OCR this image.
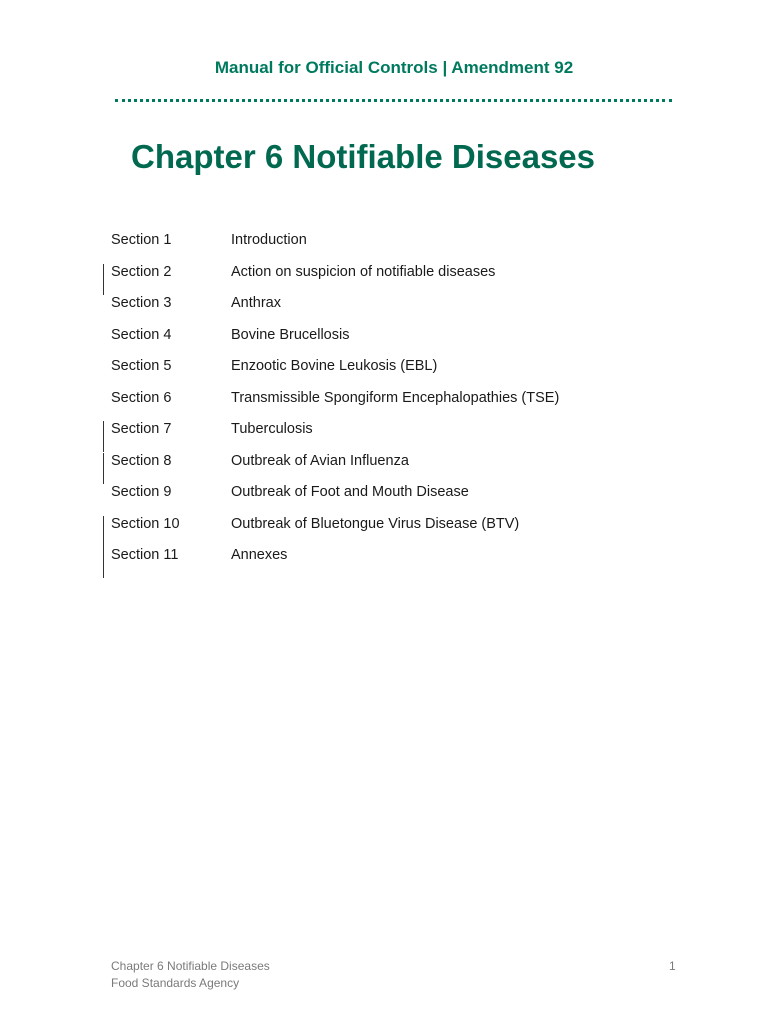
Manual for Official Controls | Amendment 92
Chapter 6 Notifiable Diseases
Section 1	Introduction
Section 2	Action on suspicion of notifiable diseases
Section 3	Anthrax
Section 4	Bovine Brucellosis
Section 5	Enzootic Bovine Leukosis (EBL)
Section 6	Transmissible Spongiform Encephalopathies (TSE)
Section 7	Tuberculosis
Section 8	Outbreak of Avian Influenza
Section 9	Outbreak of Foot and Mouth Disease
Section 10	Outbreak of Bluetongue Virus Disease (BTV)
Section 11	Annexes
Chapter 6 Notifiable Diseases
Food Standards Agency
1
